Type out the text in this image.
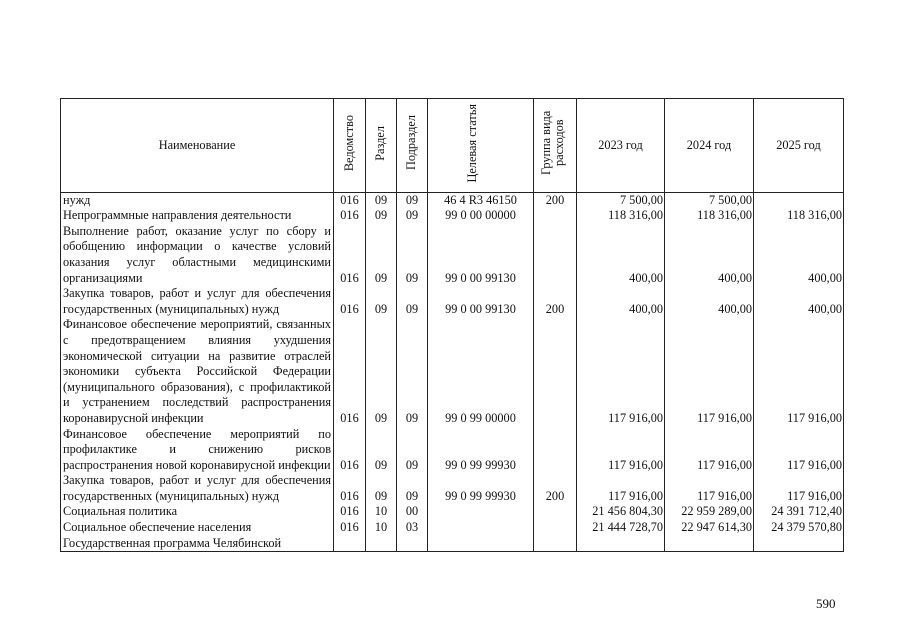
Наименование	Ведомство	Раздел	Подраздел	Целевая статья	Группа вида расходов	2023 год	2024 год	2025 год
нужд	016	09	09	46 4 R3 46150	200	7 500,00	7 500,00	
Непрограммные направления деятельности	016	09	09	99 0 00 00000		118 316,00	118 316,00	118 316,00
Выполнение работ, оказание услуг по сбору и обобщению информации о качестве условий оказания услуг областными медицинскими организациями	016	09	09	99 0 00 99130		400,00	400,00	400,00
Закупка товаров, работ и услуг для обеспечения государственных (муниципальных) нужд	016	09	09	99 0 00 99130	200	400,00	400,00	400,00
Финансовое обеспечение мероприятий, связанных с предотвращением влияния ухудшения экономической ситуации на развитие отраслей экономики субъекта Российской Федерации (муниципального образования), с профилактикой и устранением последствий распространения коронавирусной инфекции	016	09	09	99 0 99 00000		117 916,00	117 916,00	117 916,00
Финансовое обеспечение мероприятий по профилактике и снижению рисков распространения новой коронавирусной инфекции	016	09	09	99 0 99 99930		117 916,00	117 916,00	117 916,00
Закупка товаров, работ и услуг для обеспечения государственных (муниципальных) нужд	016	09	09	99 0 99 99930	200	117 916,00	117 916,00	117 916,00
Социальная политика	016	10	00			21 456 804,30	22 959 289,00	24 391 712,40
Социальное обеспечение населения	016	10	03			21 444 728,70	22 947 614,30	24 379 570,80
Государственная программа Челябинской								
590
